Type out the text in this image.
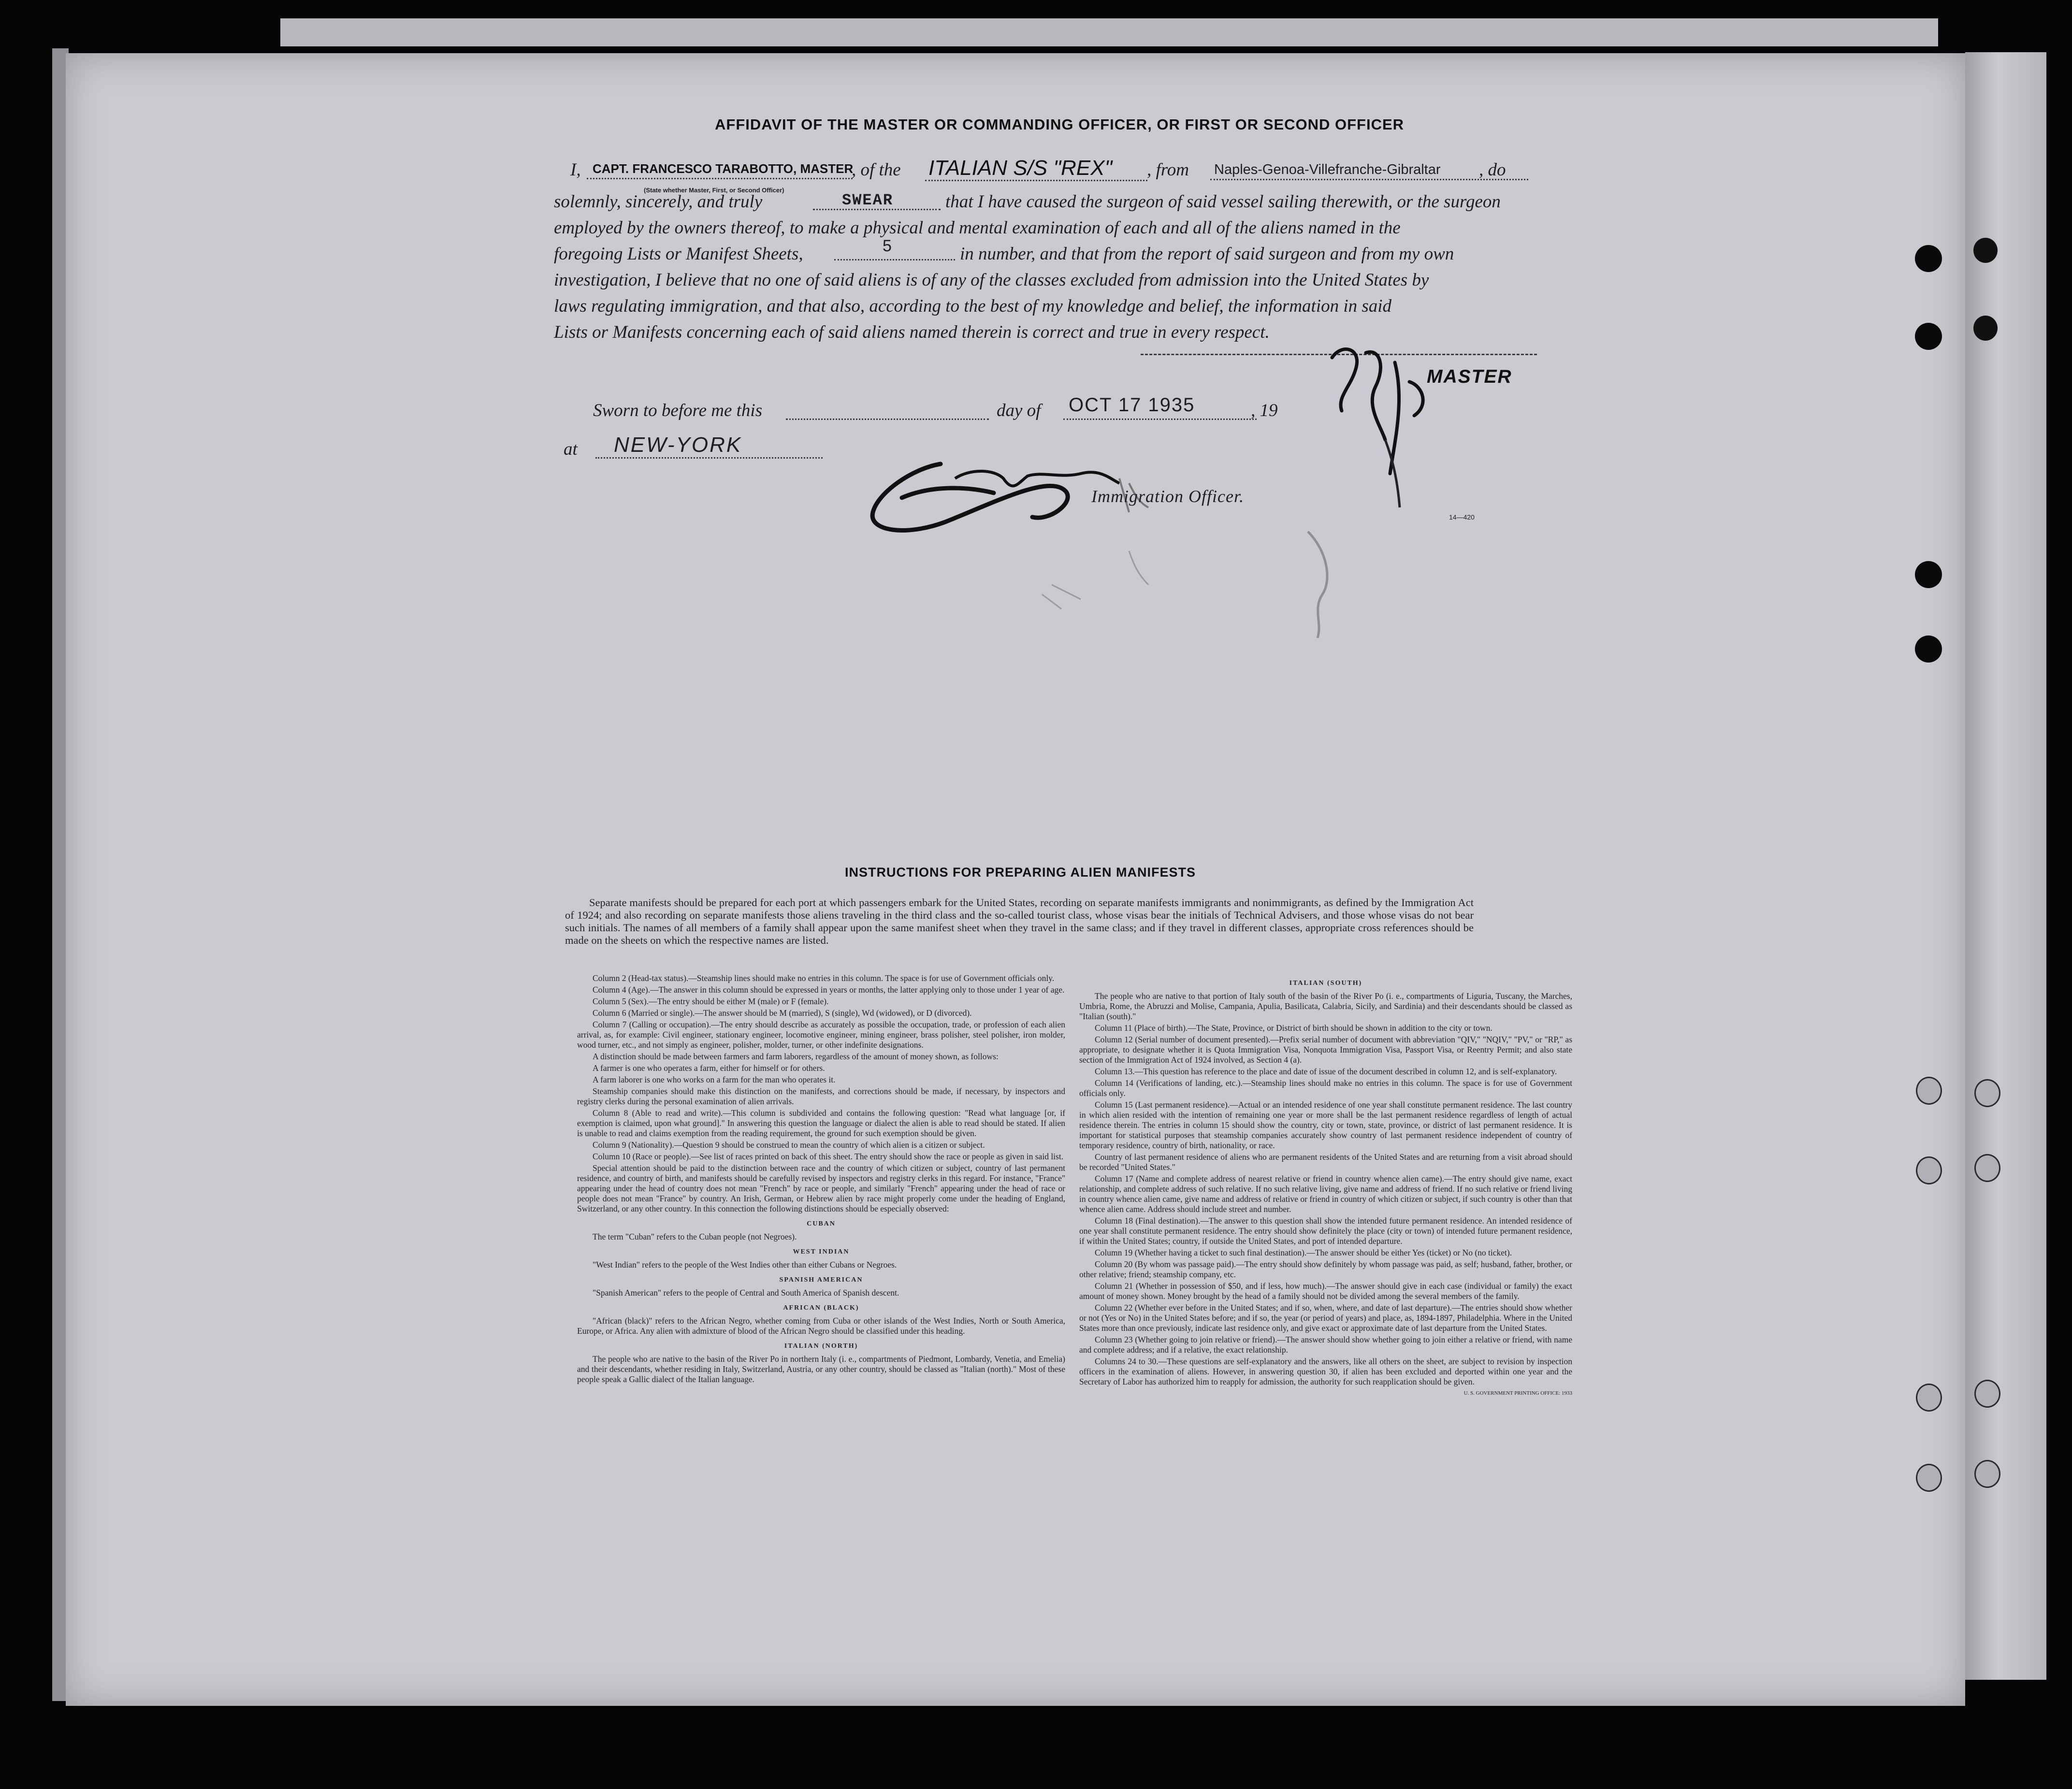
AFFIDAVIT OF THE MASTER OR COMMANDING OFFICER, OR FIRST OR SECOND OFFICER
I, CAPT. FRANCESCO TARABOTTO, MASTER
, of the ITALIAN S/S "REX" , from Naples-Genoa-Villefranche-Gibraltar , do
(State whether Master, First, or Second Officer)
solemnly, sincerely, and truly	SWEAR	that I have caused the surgeon of said vessel sailing therewith, or the surgeon
employed by the owners thereof, to make a physical and mental examination of each and all of the aliens named in the
foregoing Lists or Manifest Sheets,	5	in number, and that from the report of said surgeon and from my own
investigation, I believe that no one of said aliens is of any of the classes excluded from admission into the United States by
laws regulating immigration, and that also, according to the best of my knowledge and belief, the information in said
Lists or Manifests concerning each of said aliens named therein is correct and true in every respect.
MASTER
Sworn to before me this	day of OCT 17 1935	, 19
at NEW-YORK
Immigration Officer.
14—420
INSTRUCTIONS FOR PREPARING ALIEN MANIFESTS

Separate manifests should be prepared for each port at which passengers embark for the United States, recording on separate manifests immigrants and nonimmigrants, as defined by the Immigration Act of 1924; and also recording on separate manifests those aliens traveling in the third class and the so-called tourist class, whose visas bear the initials of Technical Advisers, and those whose visas do not bear such initials. The names of all members of a family shall appear upon the same manifest sheet when they travel in the same class; and if they travel in different classes, appropriate cross references should be made on the sheets on which the respective names are listed.

Column 2 (Head-tax status).—Steamship lines should make no entries in this column. The space is for use of Government officials only.

Column 4 (Age).—The answer in this column should be expressed in years or months, the latter applying only to those under 1 year of age.

Column 5 (Sex).—The entry should be either M (male) or F (female).

Column 6 (Married or single).—The answer should be M (married), S (single), Wd (widowed), or D (divorced).

Column 7 (Calling or occupation).—The entry should describe as accurately as possible the occupation, trade, or profession of each alien arrival, as, for example: Civil engineer, stationary engineer, locomotive engineer, mining engineer, brass polisher, steel polisher, iron molder, wood turner, etc., and not simply as engineer, polisher, molder, turner, or other indefinite designations.

A distinction should be made between farmers and farm laborers, regardless of the amount of money shown, as follows:

A farmer is one who operates a farm, either for himself or for others.

A farm laborer is one who works on a farm for the man who operates it.

Steamship companies should make this distinction on the manifests, and corrections should be made, if necessary, by inspectors and registry clerks during the personal examination of alien arrivals.

Column 8 (Able to read and write).—This column is subdivided and contains the following question: "Read what language [or, if exemption is claimed, upon what ground]." In answering this question the language or dialect the alien is able to read should be stated. If alien is unable to read and claims exemption from the reading requirement, the ground for such exemption should be given.

Column 9 (Nationality).—Question 9 should be construed to mean the country of which alien is a citizen or subject.

Column 10 (Race or people).—See list of races printed on back of this sheet. The entry should show the race or people as given in said list.

Special attention should be paid to the distinction between race and the country of which citizen or subject, country of last permanent residence, and country of birth, and manifests should be carefully revised by inspectors and registry clerks in this regard. For instance, "France" appearing under the head of country does not mean "French" by race or people, and similarly "French" appearing under the head of race or people does not mean "France" by country. An Irish, German, or Hebrew alien by race might properly come under the heading of England, Switzerland, or any other country. In this connection the following distinctions should be especially observed:

CUBAN

The term "Cuban" refers to the Cuban people (not Negroes).

WEST INDIAN

"West Indian" refers to the people of the West Indies other than either Cubans or Negroes.

SPANISH AMERICAN

"Spanish American" refers to the people of Central and South America of Spanish descent.

AFRICAN (BLACK)

"African (black)" refers to the African Negro, whether coming from Cuba or other islands of the West Indies, North or South America, Europe, or Africa. Any alien with admixture of blood of the African Negro should be classified under this heading.

ITALIAN (NORTH)

The people who are native to the basin of the River Po in northern Italy (i. e., compartments of Piedmont, Lombardy, Venetia, and Emelia) and their descendants, whether residing in Italy, Switzerland, Austria, or any other country, should be classed as "Italian (north)." Most of these people speak a Gallic dialect of the Italian language.

ITALIAN (SOUTH)

The people who are native to that portion of Italy south of the basin of the River Po (i. e., compartments of Liguria, Tuscany, the Marches, Umbria, Rome, the Abruzzi and Molise, Campania, Apulia, Basilicata, Calabria, Sicily, and Sardinia) and their descendants should be classed as "Italian (south)."

Column 11 (Place of birth).—The State, Province, or District of birth should be shown in addition to the city or town.

Column 12 (Serial number of document presented).—Prefix serial number of document with abbreviation "QIV," "NQIV," "PV," or "RP," as appropriate, to designate whether it is Quota Immigration Visa, Nonquota Immigration Visa, Passport Visa, or Reentry Permit; and also state section of the Immigration Act of 1924 involved, as Section 4 (a).

Column 13.—This question has reference to the place and date of issue of the document described in column 12, and is self-explanatory.

Column 14 (Verifications of landing, etc.).—Steamship lines should make no entries in this column. The space is for use of Government officials only.

Column 15 (Last permanent residence).—Actual or an intended residence of one year shall constitute permanent residence. The last country in which alien resided with the intention of remaining one year or more shall be the last permanent residence regardless of length of actual residence therein. The entries in column 15 should show the country, city or town, state, province, or district of last permanent residence. It is important for statistical purposes that steamship companies accurately show country of last permanent residence independent of country of temporary residence, country of birth, nationality, or race.

Country of last permanent residence of aliens who are permanent residents of the United States and are returning from a visit abroad should be recorded "United States."

Column 17 (Name and complete address of nearest relative or friend in country whence alien came).—The entry should give name, exact relationship, and complete address of such relative. If no such relative living, give name and address of friend. If no such relative or friend living in country whence alien came, give name and address of relative or friend in country of which citizen or subject, if such country is other than that whence alien came. Address should include street and number.

Column 18 (Final destination).—The answer to this question shall show the intended future permanent residence. An intended residence of one year shall constitute permanent residence. The entry should show definitely the place (city or town) of intended future permanent residence, if within the United States; country, if outside the United States, and port of intended departure.

Column 19 (Whether having a ticket to such final destination).—The answer should be either Yes (ticket) or No (no ticket).

Column 20 (By whom was passage paid).—The entry should show definitely by whom passage was paid, as self; husband, father, brother, or other relative; friend; steamship company, etc.

Column 21 (Whether in possession of $50, and if less, how much).—The answer should give in each case (individual or family) the exact amount of money shown. Money brought by the head of a family should not be divided among the several members of the family.

Column 22 (Whether ever before in the United States; and if so, when, where, and date of last departure).—The entries should show whether or not (Yes or No) in the United States before; and if so, the year (or period of years) and place, as, 1894-1897, Philadelphia. Where in the United States more than once previously, indicate last residence only, and give exact or approximate date of last departure from the United States.

Column 23 (Whether going to join relative or friend).—The answer should show whether going to join either a relative or friend, with name and complete address; and if a relative, the exact relationship.

Columns 24 to 30.—These questions are self-explanatory and the answers, like all others on the sheet, are subject to revision by inspection officers in the examination of aliens. However, in answering question 30, if alien has been excluded and deported within one year and the Secretary of Labor has authorized him to reapply for admission, the authority for such reapplication should be given.

U. S. GOVERNMENT PRINTING OFFICE: 1933
